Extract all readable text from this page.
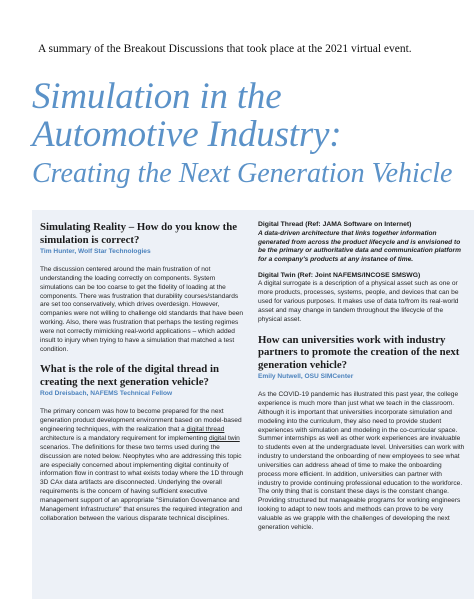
A summary of the Breakout Discussions that took place at the 2021 virtual event.
Simulation in the
Automotive Industry:
Creating the Next Generation Vehicle
Simulating Reality – How do you know the simulation is correct?
Tim Hunter, Wolf Star Technologies

The discussion centered around the main frustration of not understanding the loading correctly on components. System simulations can be too coarse to get the fidelity of loading at the components. There was frustration that durability courses/standards are set too conservatively, which drives overdesign. However, companies were not willing to challenge old standards that have been working. Also, there was frustration that perhaps the testing regimes were not correctly mimicking real-world applications – which added insult to injury when trying to have a simulation that matched a test condition.

What is the role of the digital thread in creating the next generation vehicle?
Rod Dreisbach, NAFEMS Technical Fellow

The primary concern was how to become prepared for the next generation product development environment based on model-based engineering techniques, with the realization that a digital thread architecture is a mandatory requirement for implementing digital twin scenarios. The definitions for these two terms used during the discussion are noted below. Neophytes who are addressing this topic are especially concerned about implementing digital continuity of information flow in contrast to what exists today where the 1D through 3D CAx data artifacts are disconnected. Underlying the overall requirements is the concern of having sufficient executive management support of an appropriate "Simulation Governance and Management Infrastructure" that ensures the required integration and collaboration between the various disparate technical disciplines.

Digital Thread (Ref: JAMA Software on Internet)

A data-driven architecture that links together information generated from across the product lifecycle and is envisioned to be the primary or authoritative data and communication platform for a company's products at any instance of time.

Digital Twin (Ref: Joint NAFEMS/INCOSE SMSWG)

A digital surrogate is a description of a physical asset such as one or more products, processes, systems, people, and devices that can be used for various purposes. It makes use of data to/from its real-world asset and may change in tandem throughout the lifecycle of the physical asset.

How can universities work with industry partners to promote the creation of the next generation vehicle?
Emily Nutwell, OSU SIMCenter

As the COVID-19 pandemic has illustrated this past year, the college experience is much more than just what we teach in the classroom. Although it is important that universities incorporate simulation and modeling into the curriculum, they also need to provide student experiences with simulation and modeling in the co-curricular space. Summer internships as well as other work experiences are invaluable to students even at the undergraduate level. Universities can work with industry to understand the onboarding of new employees to see what universities can address ahead of time to make the onboarding process more efficient. In addition, universities can partner with industry to provide continuing professional education to the workforce. The only thing that is constant these days is the constant change. Providing structured but manageable programs for working engineers looking to adapt to new tools and methods can prove to be very valuable as we grapple with the challenges of developing the next generation vehicle.
